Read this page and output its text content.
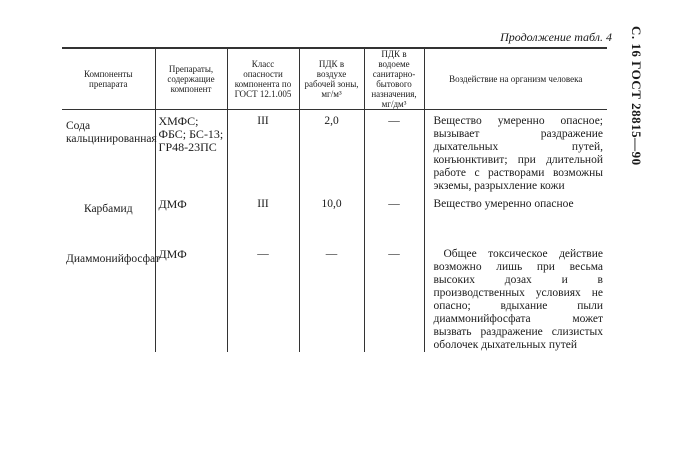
Продолжение табл. 4 С. 16 ГОСТ 28815—90
Компоненты препарата	Препараты, содержащие компонент	Класс опасности компонента по ГОСТ 12.1.005	ПДК в воздухе рабочей зоны, мг/м³	ПДК в водоеме санитарно-бытового назначения, мг/дм³	Воздействие на организм человека
Сода кальцинированная	ХМФС; ФБС; БС-13; ГР48-23ПС	III	2,0	—	Вещество умеренно опасное; вызывает раздражение дыхательных путей, конъюнктивит; при длительной работе с растворами возможны экземы, разрыхление кожи
Карбамид	ДМФ	III	10,0	—	Вещество умеренно опасное
Диаммонийфосфат	ДМФ	—	—	—	Общее токсическое действие возможно лишь при весьма высоких дозах и в производственных условиях не опасно; вдыхание пыли диаммонийфосфата может вызвать раздражение слизистых оболочек дыхательных путей
